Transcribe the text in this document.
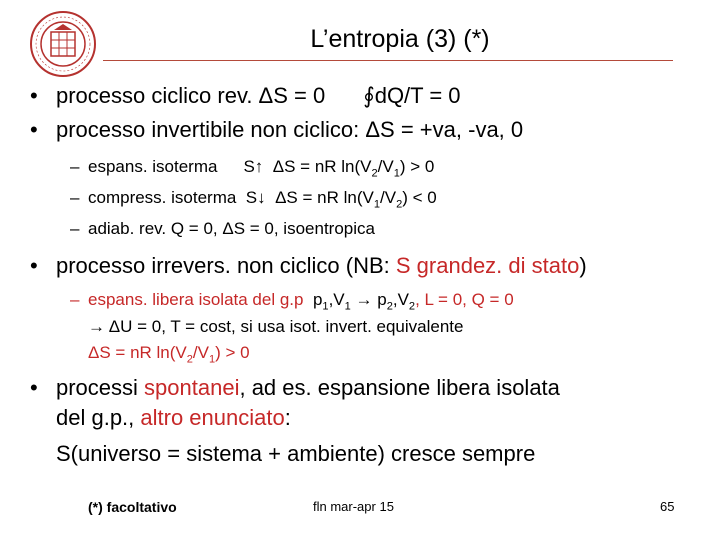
L’entropia (3) (*)
• processo ciclico rev. ΔS = 0 ∮dQ/T = 0
• processo invertibile non ciclico: ΔS = +va, -va, 0
– espans. isoterma S↑ ΔS = nR $\ln(V_2/V_1) > 0$
– compress. isoterma S↓ ΔS = nR $\ln(V_1/V_2) < 0$
– adiab. rev. Q = 0, ΔS = 0, isoentropica
• processo irrevers. non ciclico (NB: S grandez. di stato)
– espans. libera isolata del g.p $p_1,V_1 \to p_2,V_2$, L = 0, Q = 0
→ ΔU = 0, T = cost, si usa isot. invert. equivalente
ΔS = nR $\ln(V_2/V_1) > 0$
• processi spontanei, ad es. espansione libera isolata
del g.p., altro enunciato:
S(universo = sistema + ambiente) cresce sempre
(*) facoltativo	fln mar-apr 15	65
